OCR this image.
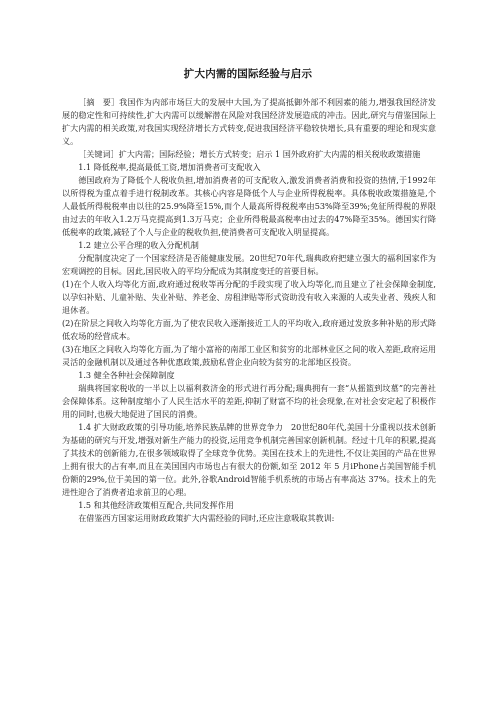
扩大内需的国际经验与启示

［摘　要］我国作为内部市场巨大的发展中大国,为了提高抵御外部不利因素的能力,增强我国经济发展的稳定性和可持续性,扩大内需可以缓解潜在风险对我国经济发展造成的冲击。因此,研究与借鉴国际上扩大内需的相关政策,对我国实现经济增长方式转变,促进我国经济平稳较快增长,具有重要的理论和现实意义。

［关键词］扩大内需；国际经验；增长方式转变；启示 1 国外政府扩大内需的相关税收政策措施

1.1 降低税率,提高最低工资,增加消费者可支配收入

德国政府为了降低个人税收负担,增加消费者的可支配收入,激发消费者消费和投资的热情,于1992年以所得税为重点着手进行税制改革。其核心内容是降低个人与企业所得税税率。具体税收政策措施是,个人最低所得税税率由以往的25.9%降至15%,而个人最高所得税税率由53%降至39%;免征所得税的界限由过去的年收入1.2万马克提高到1.3万马克；企业所得税最高税率由过去的47%降至35%。德国实行降低税率的政策,减轻了个人与企业的税收负担,使消费者可支配收入明显提高。

1.2 建立公平合理的收入分配机制

分配制度决定了一个国家经济是否能健康发展。20世纪70年代,瑞典政府把建立强大的福利国家作为宏观调控的目标。因此,国民收入的平均分配成为其制度变迁的首要目标。

(1)在个人收入均等化方面,政府通过税收等再分配的手段实现了收入均等化,而且建立了社会保障金制度,以孕妇补贴、儿童补贴、失业补贴、养老金、房租津贴等形式资助没有收入来源的人或失业者、残疾人和退休者。

(2)在阶层之间收入均等化方面,为了使农民收入逐渐接近工人的平均收入,政府通过发放多种补贴的形式降低农场的经营成本。

(3)在地区之间收入均等化方面,为了缩小富裕的南部工业区和贫穷的北部林业区之间的收入差距,政府运用灵活的金融机制以及通过各种优惠政策,鼓励私营企业向较为贫穷的北部地区投资。

1.3 健全各种社会保障制度

瑞典将国家税收的一半以上以福利救济金的形式进行再分配;瑞典拥有一套“从摇篮到坟墓”的完善社会保障体系。这种制度缩小了人民生活水平的差距,抑制了财富不均的社会现象,在对社会安定起了积极作用的同时,也极大地促进了国民的消费。

1.4 扩大财政政策的引导功能,培养民族品牌的世界竞争力　20世纪80年代,美国十分重视以技术创新为基础的研究与开发,增强对新生产能力的投资,运用竞争机制完善国家创新机制。经过十几年的积累,提高了其技术的创新能力,在很多领域取得了全球竞争优势。美国在技术上的先进性,不仅让美国的产品在世界上拥有很大的占有率,而且在美国国内市场也占有很大的份额,如至 2012 年 5 月iPhone占美国智能手机份额的29%,位于美国的第一位。此外,谷歌Android智能手机系统的市场占有率高达 37%。技术上的先进性迎合了消费者追求前卫的心理。

1.5 和其他经济政策相互配合,共同发挥作用

在借鉴西方国家运用财政政策扩大内需经验的同时,还应注意吸取其教训:
